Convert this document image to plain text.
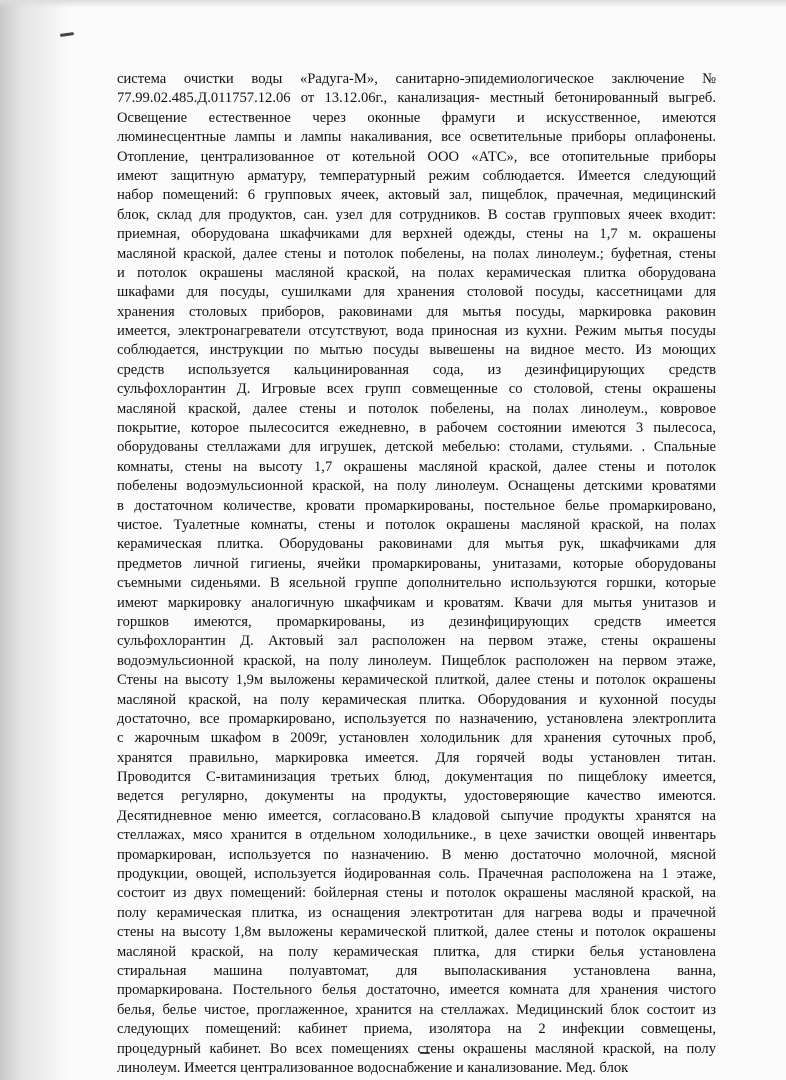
система очистки воды «Радуга-М», санитарно-эпидемиологическое заключение №
77.99.02.485.Д.011757.12.06 от 13.12.06г., канализация- местный бетонированный выгреб.
Освещение естественное через оконные фрамуги и искусственное, имеются
люминесцентные лампы и лампы накаливания, все осветительные приборы оплафонены.
Отопление, централизованное от котельной ООО «АТС», все отопительные приборы
имеют защитную арматуру, температурный режим соблюдается. Имеется следующий
набор помещений: 6 групповых ячеек, актовый зал, пищеблок, прачечная, медицинский
блок, склад для продуктов, сан. узел для сотрудников. В состав групповых ячеек входит:
приемная, оборудована шкафчиками для верхней одежды, стены на 1,7 м. окрашены
масляной краской, далее стены и потолок побелены, на полах линолеум.; буфетная, стены
и потолок окрашены масляной краской, на полах керамическая плитка оборудована
шкафами для посуды, сушилками для хранения столовой посуды, кассетницами для
хранения столовых приборов, раковинами для мытья посуды, маркировка раковин
имеется, электронагреватели отсутствуют, вода приносная из кухни. Режим мытья посуды
соблюдается, инструкции по мытью посуды вывешены на видное место. Из моющих
средств используется кальцинированная сода, из дезинфицирующих средств
сульфохлорантин Д. Игровые всех групп совмещенные со столовой, стены окрашены
масляной краской, далее стены и потолок побелены, на полах линолеум., ковровое
покрытие, которое пылесосится ежедневно, в рабочем состоянии имеются 3 пылесоса,
оборудованы стеллажами для игрушек, детской мебелью: столами, стульями. . Спальные
комнаты, стены на высоту 1,7 окрашены масляной краской, далее стены и потолок
побелены водоэмульсионной краской, на полу линолеум. Оснащены детскими кроватями
в достаточном количестве, кровати промаркированы, постельное белье промаркировано,
чистое. Туалетные комнаты, стены и потолок окрашены масляной краской, на полах
керамическая плитка. Оборудованы раковинами для мытья рук, шкафчиками для
предметов личной гигиены, ячейки промаркированы, унитазами, которые оборудованы
съемными сиденьями. В ясельной группе дополнительно используются горшки, которые
имеют маркировку аналогичную шкафчикам и кроватям. Квачи для мытья унитазов и
горшков имеются, промаркированы, из дезинфицирующих средств имеется
сульфохлорантин Д. Актовый зал расположен на первом этаже, стены окрашены
водоэмульсионной краской, на полу линолеум. Пищеблок расположен на первом этаже,
Стены на высоту 1,9м выложены керамической плиткой, далее стены и потолок окрашены
масляной краской, на полу керамическая плитка. Оборудования и кухонной посуды
достаточно, все промаркировано, используется по назначению, установлена электроплита
с жарочным шкафом в 2009г, установлен холодильник для хранения суточных проб,
хранятся правильно, маркировка имеется. Для горячей воды установлен титан.
Проводится С-витаминизация третьих блюд, документация по пищеблоку имеется,
ведется регулярно, документы на продукты, удостоверяющие качество имеются.
Десятидневное меню имеется, согласовано.В кладовой сыпучие продукты хранятся на
стеллажах, мясо хранится в отдельном холодильнике., в цехе зачистки овощей инвентарь
промаркирован, используется по назначению. В меню достаточно молочной, мясной
продукции, овощей, используется йодированная соль. Прачечная расположена на 1 этаже,
состоит из двух помещений: бойлерная стены и потолок окрашены масляной краской, на
полу керамическая плитка, из оснащения электротитан для нагрева воды и прачечной
стены на высоту 1,8м выложены керамической плиткой, далее стены и потолок окрашены
масляной краской, на полу керамическая плитка, для стирки белья установлена
стиральная машина полуавтомат, для выполаскивания установлена ванна,
промаркирована. Постельного белья достаточно, имеется комната для хранения чистого
белья, белье чистое, проглаженное, хранится на стеллажах. Медицинский блок состоит из
следующих помещений: кабинет приема, изолятора на 2 инфекции совмещены,
процедурный кабинет. Во всех помещениях стены окрашены масляной краской, на полу
линолеум. Имеется централизованное водоснабжение и канализование. Мед. блок
